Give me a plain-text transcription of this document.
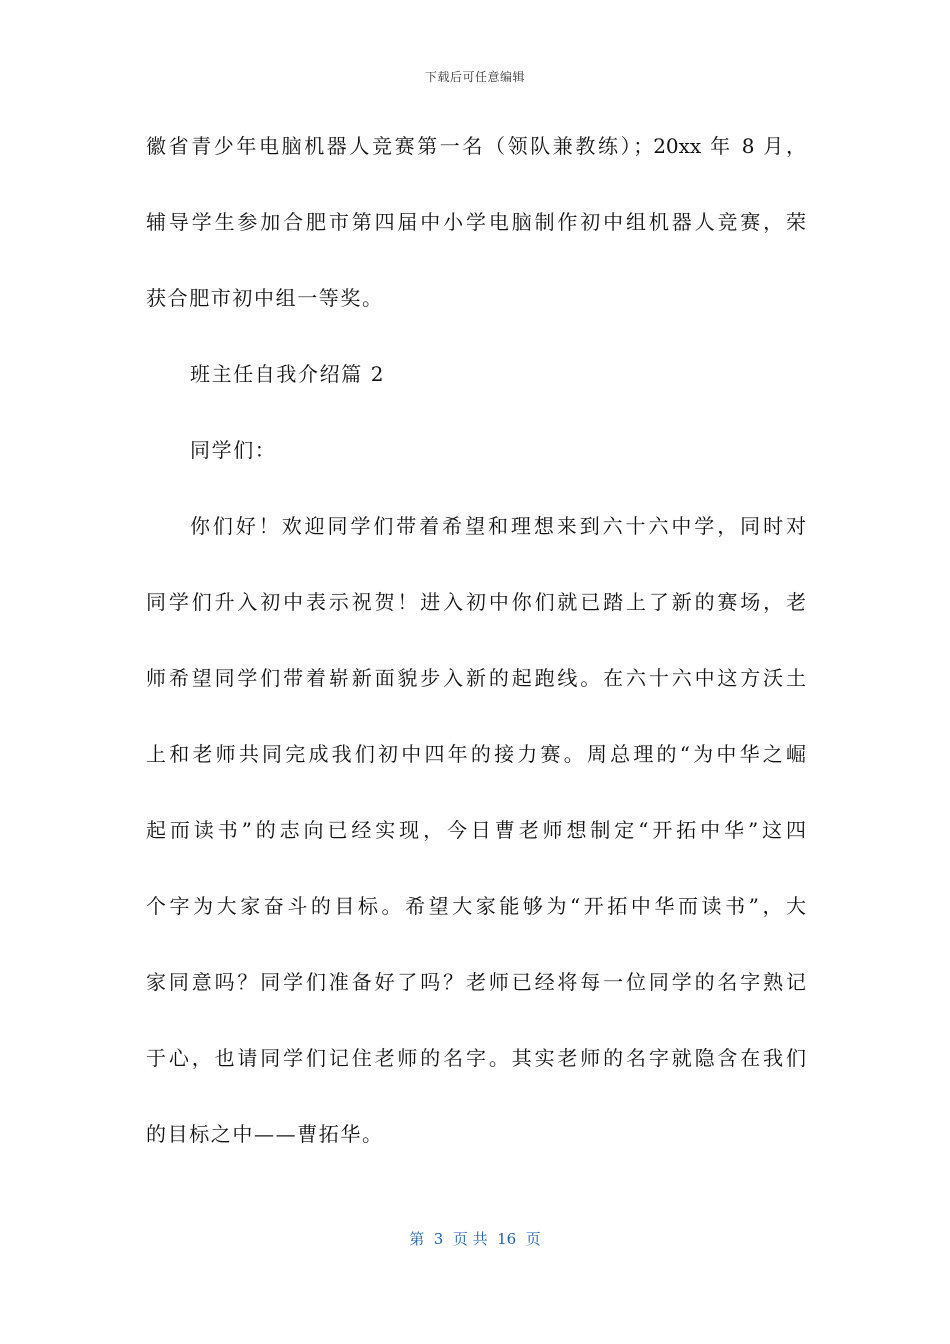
下载后可任意编辑
徽省青少年电脑机器人竞赛第一名（领队兼教练）；20xx 年 8 月，
辅导学生参加合肥市第四届中小学电脑制作初中组机器人竞赛，荣
获合肥市初中组一等奖。
班主任自我介绍篇 2
同学们：
你们好！欢迎同学们带着希望和理想来到六十六中学，同时对
同学们升入初中表示祝贺！进入初中你们就已踏上了新的赛场，老
师希望同学们带着崭新面貌步入新的起跑线。在六十六中这方沃土
上和老师共同完成我们初中四年的接力赛。周总理的“为中华之崛
起而读书”的志向已经实现，今日曹老师想制定“开拓中华”这四
个字为大家奋斗的目标。希望大家能够为“开拓中华而读书”，大
家同意吗？同学们准备好了吗？老师已经将每一位同学的名字熟记
于心，也请同学们记住老师的名字。其实老师的名字就隐含在我们
的目标之中——曹拓华。
第  3  页 共  16  页
